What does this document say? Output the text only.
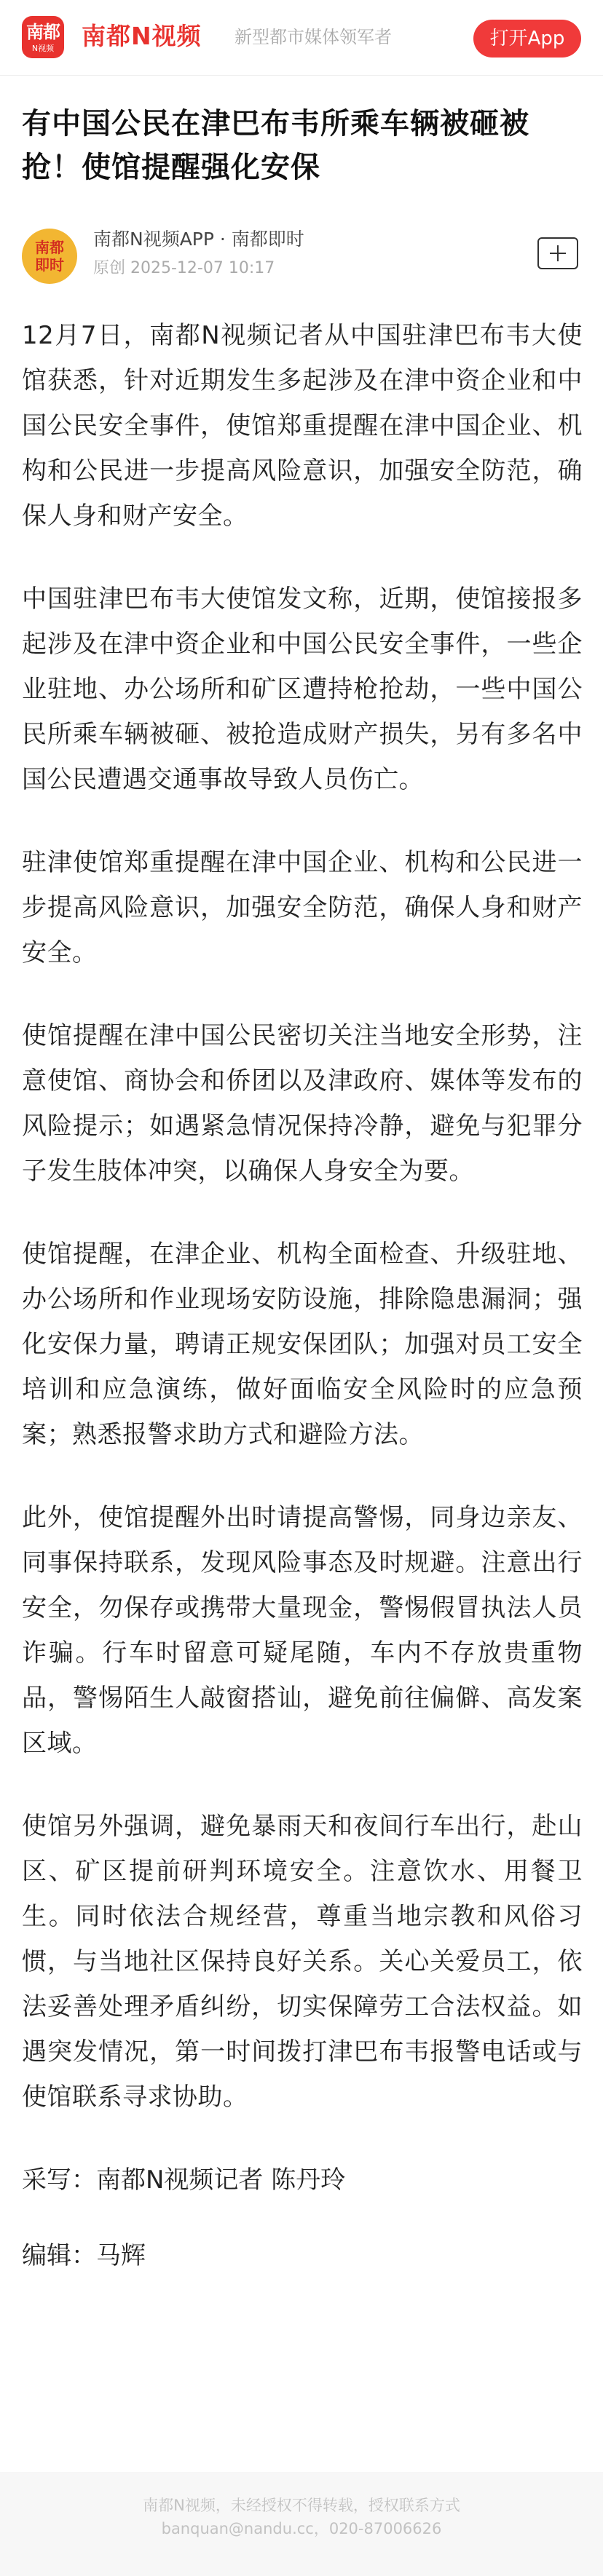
南都
N视频	南都N视频 新型都市媒体领军者	打开App
有中国公民在津巴布韦所乘车辆被砸被抢！使馆提醒强化安保
南都
即时
南都N视频APP · 南都即时
原创 2025-12-07 10:17

12月7日，南都N视频记者从中国驻津巴布韦大使馆获悉，针对近期发生多起涉及在津中资企业和中国公民安全事件，使馆郑重提醒在津中国企业、机构和公民进一步提高风险意识，加强安全防范，确保人身和财产安全。

中国驻津巴布韦大使馆发文称，近期，使馆接报多起涉及在津中资企业和中国公民安全事件，一些企业驻地、办公场所和矿区遭持枪抢劫，一些中国公民所乘车辆被砸、被抢造成财产损失，另有多名中国公民遭遇交通事故导致人员伤亡。

驻津使馆郑重提醒在津中国企业、机构和公民进一步提高风险意识，加强安全防范，确保人身和财产安全。

使馆提醒在津中国公民密切关注当地安全形势，注意使馆、商协会和侨团以及津政府、媒体等发布的风险提示；如遇紧急情况保持冷静，避免与犯罪分子发生肢体冲突，以确保人身安全为要。

使馆提醒，在津企业、机构全面检查、升级驻地、办公场所和作业现场安防设施，排除隐患漏洞；强化安保力量，聘请正规安保团队；加强对员工安全培训和应急演练，做好面临安全风险时的应急预案；熟悉报警求助方式和避险方法。

此外，使馆提醒外出时请提高警惕，同身边亲友、同事保持联系，发现风险事态及时规避。注意出行安全，勿保存或携带大量现金，警惕假冒执法人员诈骗。行车时留意可疑尾随，车内不存放贵重物品，警惕陌生人敲窗搭讪，避免前往偏僻、高发案区域。

使馆另外强调，避免暴雨天和夜间行车出行，赴山区、矿区提前研判环境安全。注意饮水、用餐卫生。同时依法合规经营，尊重当地宗教和风俗习惯，与当地社区保持良好关系。关心关爱员工，依法妥善处理矛盾纠纷，切实保障劳工合法权益。如遇突发情况，第一时间拨打津巴布韦报警电话或与使馆联系寻求协助。

采写：南都N视频记者 陈丹玲

编辑：马辉

南都N视频，未经授权不得转载，授权联系方式
banquan@nandu.cc，020-87006626
